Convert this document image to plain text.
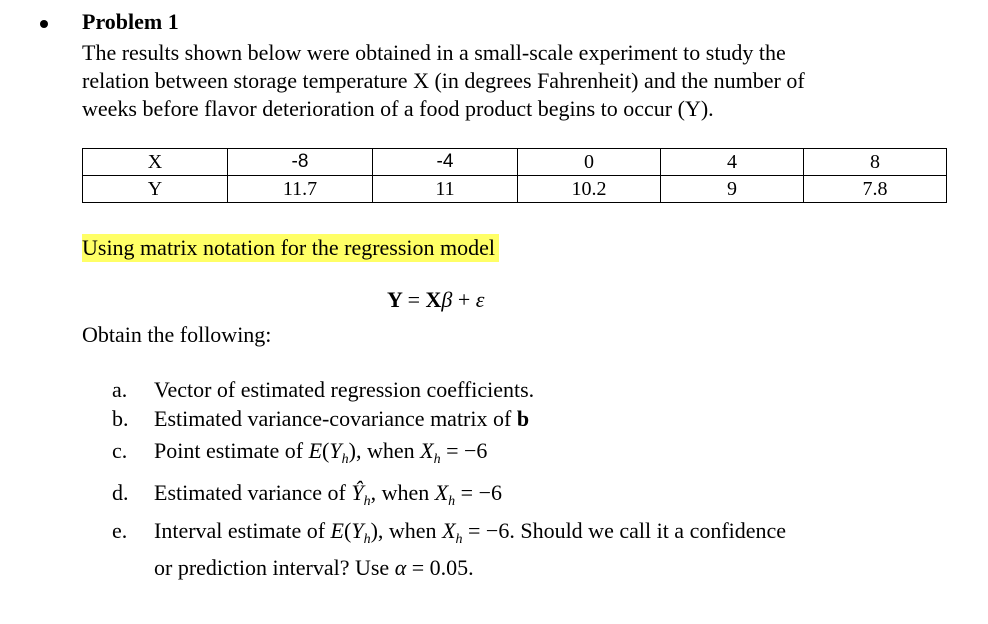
Problem 1
The results shown below were obtained in a small-scale experiment to study the
relation between storage temperature X (in degrees Fahrenheit) and the number of
weeks before flavor deterioration of a food product begins to occur (Y).
X	-8	-4	0	4	8
Y	11.7	11	10.2	9	7.8
Using matrix notation for the regression model
Y = Xβ + ε
Obtain the following:
a. Vector of estimated regression coefficients.
b. Estimated variance-covariance matrix of b
c. Point estimate of $E(Y_h)$, when $X_h = -6$
d. Estimated variance of $Ŷ_h$, when $X_h = -6$
e. Interval estimate of $E(Y_h)$, when $X_h = -6$. Should we call it a confidence
or prediction interval? Use α = 0.05.
